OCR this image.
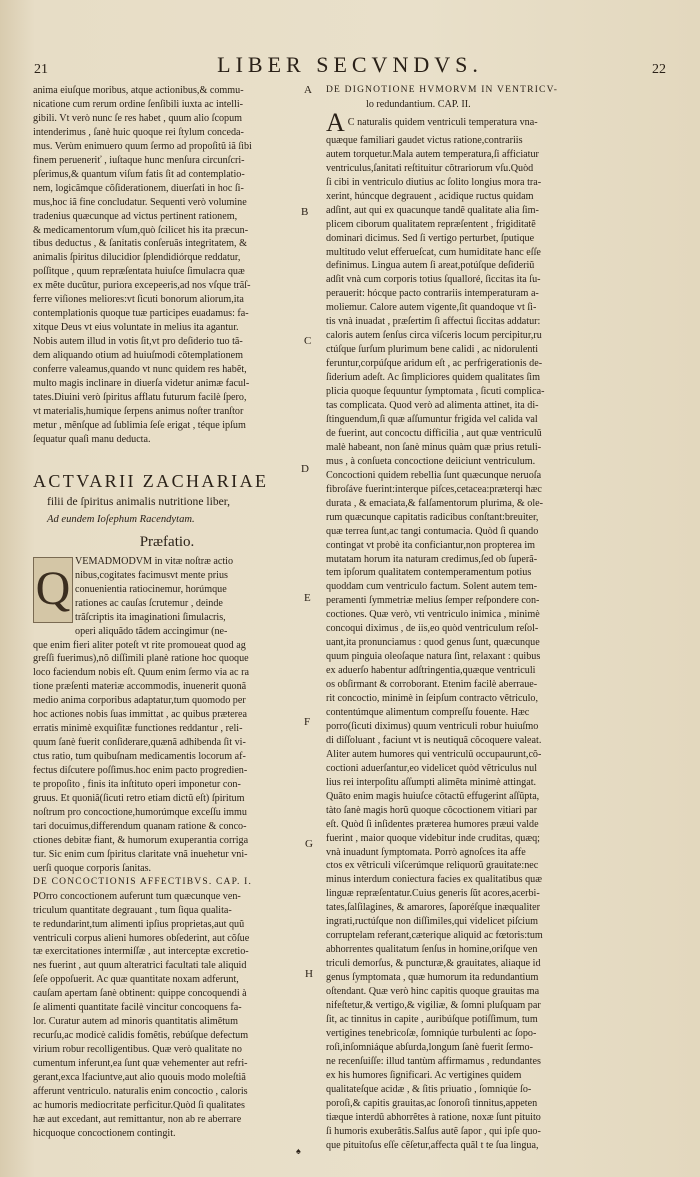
21	LIBER SECVNDVS.	22
A
B
C
D
E
F
G
H
anima eiuſque moribus, atque actionibus,& commu-
nicatione cum rerum ordine ſenſibili iuxta ac intelli-
gibili. Vt verò nunc ſe res habet , quum alio ſcopum
intenderimus , ſanè huic quoque rei ſtylum conceda-
mus. Verùm enimuero quum ſermo ad propoſitũ iã ſibi
finem perueneriť , iuſtaque hunc menſura circunſcri-
pſerimus,& quantum viſum fatis ſit ad contemplatio-
nem, logicãmque cõſiderationem, diuerſati in hoc ſi-
mus,hoc iã fine concludatur. Sequenti verò volumine
tradenius quæcunque ad victus pertinent rationem,
& medicamentorum vſum,quò ſcilicet his ita præcun-
tibus deductus , & ſanitatis conſeruãs integritatem, &
animalis ſpiritus dilucidior ſplendidiórque reddatur,
poſſitque , quum repræſentata huiuſce ſimulacra quæ
ex mẽte ducũtur, puriora excepeeris,ad nos vſque trãſ-
ferre viſiones meliores:vt ſicuti bonorum aliorum,ita
contemplationis quoque tuæ participes euadamus: fa-
xitque Deus vt eius voluntate in melius ita agantur.
Nobis autem illud in votis ſit,vt pro deſiderio tuo tã-
dem aliquando otium ad huiuſmodi cõtemplationem
conferre valeamus,quando vt nunc quidem res habẽt,
multo magis inclinare in diuerſa videtur animæ facul-
tates.Diuini verò ſpiritus afflatu futurum facilè ſpero,
vt materialis,humique ſerpens animus noſter tranſtor
metur , mẽnſque ad ſublimia ſeſe erigat , téque ipſum
ſequatur quaſi manu deducta.
ACTVARII ZACHARIAE
filii de ſpiritus animalis nutritione liber,
Ad eundem Ioſephum Racendytam.
Præfatio.
Q
VEMADMODVM in vitæ noſtræ actio
nibus,cogitates facimusvt mente prius
conuenientia ratiocinemur, horúmque
rationes ac cauſas ſcrutemur , deinde
trãſcriptis ita imaginationi ſimulacris,
operi aliquãdo tãdem accingimur (ne-
que enim fieri aliter poteſt vt rite promoueat quod ag
greſſi fuerimus),nõ diſſimili planè ratione hoc quoque
loco faciendum nobis eſt. Quum enim ſermo via ac ra
tione præſenti materiæ accommodis, inuenerit quonã
medio anima corporibus adaptatur,tum quomodo per
hoc actiones nobis ſuas immittat , ac quibus præterea
erratis minimè exquiſitæ functiones reddantur , reli-
quum ſanè fuerit conſiderare,quænã adhibenda ſit vi-
ctus ratio, tum quibuſnam medicamentis locorum af-
fectus diſcutere poſſimus.hoc enim pacto progredien-
te propoſito , finis ita inſtituto operi imponetur con-
gruus. Et quoniã(ſicuti retro etiam dictũ eſt) ſpiritum
noſtrum pro concoctione,humorúmque exceſſu immu
tari docuimus,differendum quanam ratione & conco-
ctiones debitæ fiant, & humorum exuperantia corriga
tur. Sic enim cum ſpiritus claritate vnã inuehetur vni-
uerſi quoque corporis ſanitas.
DE CONCOCTIONIS AFFECTIBVS. CAP. I.
POrro concoctionem auferunt tum quæcunque ven-
triculum quantitate degrauant , tum ſiqua qualita-
te redundarint,tum alimenti ipſius proprietas,aut quũ
ventriculi corpus alieni humores obſederint, aut cõſue
tæ exercitationes intermiſſæ , aut interceptæ excretio-
nes fuerint , aut quum alteratrici facultati tale aliquid
ſeſe oppoſuerit. Ac quæ quantitate noxam adferunt,
cauſam apertam ſanè obtinent: quippe concoquendi à
ſe alimenti quantitate facilè vincitur concoquens fa-
lor. Curatur autem ad minoris quantitatis alimẽtum
recurſu,ac modicè calidis fomẽtis, rebúſque defectum
virium robur recolligentibus. Quæ verò qualitate no
cumentum inferunt,ea ſunt quæ vehementer aut refri-
gerant,exca lfaciuntve,aut alio quouis modo moleſtiã
afferunt ventriculo. naturalis enim concoctio , caloris
ac humoris mediocritate perficitur.Quòd ſi qualitates
hæ aut excedant, aut remittantur, non ab re aberrare
hicquoque concoctionem contingit.
DE DIGNOTIONE HVMORVM IN VENTRICV-
lo redundantium. CAP. II.
A C naturalis quidem ventriculi temperatura vna-
quæque familiari gaudet victus ratione,contrariis
autem torquetur.Mala autem temperatura,ſi afficiatur
ventriculus,ſanitati reſtituitur cõtrariorum vſu.Quòd
ſi cibi in ventriculo diutius ac ſolito longius mora tra-
xerint, húncque degrauent , acidique ructus quidam
adſint, aut qui ex quacunque tandẽ qualitate alia ſim-
plicem ciborum qualitatem repræſentent , frigiditatẽ
dominari dicimus. Sed ſi vertigo perturbet, ſputique
multitudo velut efferueſcat, cum humiditate hanc eſſe
definimus. Lingua autem ſi areat,potúſque deſideriũ
adſit vnà cum corporis totius ſqualloré, ſiccitas ita ſu-
perauerit: hócque pacto contrariis intemperaturam a-
moliemur. Calore autem vigente,ſit quandoque vt ſi-
tis vnà inuadat , præſertim ſi affectui ſiccitas addatur:
caloris autem ſenſus circa viſceris locum percipitur,ru
ctúſque ſurſum plurimum bene calidi , ac nidorulenti
feruntur,corpúſque aridum eſt , ac perfrigerationis de-
ſiderium adeſt. Ac ſimpliciores quidem qualitates ſim
plicia quoque ſequuntur ſymptomata , ſicuti complica-
tas complicata. Quod verò ad alimenta attinet, ita di-
ſtinguendum,ſi quæ aſſumuntur frigida vel calida val
de fuerint, aut concoctu difficilia , aut quæ ventriculũ
malè habeant, non ſanè minus quàm quæ prius retuli-
mus , à conſueta concoctione deiiciunt ventriculum.
Concoctioni quidem rebellia ſunt quæcunque neruoſa
fibroſáve fuerint:interque piſces,cetacea:præterqi hæc
durata , & emaciata,& falſamentorum plurima, & ole-
rum quæcunque capitatis radicibus conſtant:breuiter,
quæ terrea ſunt,ac tangi contumacia. Quòd ſi quando
contingat vt probè ita conficiantur,non propterea im
mutatam horum ita naturam credimus,ſed ob ſuperã-
tem ipſorum qualitatem contemperamentum potius
quoddam cum ventriculo factum. Solent autem tem-
peramenti ſymmetriæ melius ſemper reſpondere con-
coctiones. Quæ verò, vti ventriculo inimica , minimè
concoqui diximus , de iis,eo quòd ventriculum reſol-
uant,ita pronunciamus : quod genus ſunt, quæcunque
quum pinguia oleoſaque natura ſint, relaxant : quibus
ex aduerſo habentur adſtringentia,quæque ventriculi
os obſirmant & corroborant. Etenim facilè aberraue-
rit concoctio, minimè in ſeipſum contracto vẽtriculo,
contentúmque alimentum compreſſu fouente. Hæc
porro(ſicuti diximus) quum ventriculi robur huiuſmo
di diſſoluant , faciunt vt is neutiquã cõcoquere valeat.
Aliter autem humores qui ventriculũ occupaurunt,cõ-
coctioni aduerſantur,eo videlicet quòd vẽtriculus nul
lius rei interpoſitu aſſumpti alimẽta minimè attingat.
Quãto enim magis huiuſce cõtactũ effugerint aſſũpta,
tàto ſanè magis horũ quoque cõcoctionem vitiari par
eſt. Quòd ſi inſidentes præterea humores præui valde
fuerint , maior quoque videbitur inde cruditas, quæq;
vnà inuadunt ſymptomata. Porrò agnoſces ita affe
ctos ex vẽtriculi viſcerúmque reliquorũ grauitate:nec
minus interdum coniectura facies ex qualitatibus quæ
linguæ repræſentatur.Cuius generis ſũt acores,acerbi-
tates,ſalſilagines, & amarores, ſaporéſque inæqualiter
ingrati,ructúſque non diſſimiles,qui videlicet piſcium
corruptelam referant,cæterique aliquid ac fœtoris:tum
abhorrentes qualitatum ſenſus in homine,oriſque ven
triculi demorſus, & puncturæ,& grauitates, aliaque id
genus ſymptomata , quæ humorum ita redundantium
oſtendant. Quæ verò hinc capitis quoque grauitas ma
nifeſtetur,& vertigo,& vigiliæ, & ſomni pluſquam par
ſit, ac tinnitus in capite , auribúſque potiſſimum, tum
vertigines tenebricoſæ, ſomniqúe turbulenti ac ſopo-
roſi,inſomniáque abſurda,longum ſanè fuerit ſermo-
ne recenſuiſſe: illud tantùm affirmamus , redundantes
ex his humores ſignificari. Ac vertigines quidem
qualitateſque acidæ , & ſitis priuatio , ſomniqúe ſo-
poroſi,& capitis grauitas,ac ſonoroſi tinnitus,appeten
tiæque interdũ abhorrẽtes à ratione, noxæ ſunt pituito
ſi humoris exuberãtis.Salſus autẽ ſapor , qui ipſe quo-
que pituitoſus eſſe cẽſetur,affecta quãl t te ſua lingua,
♠
